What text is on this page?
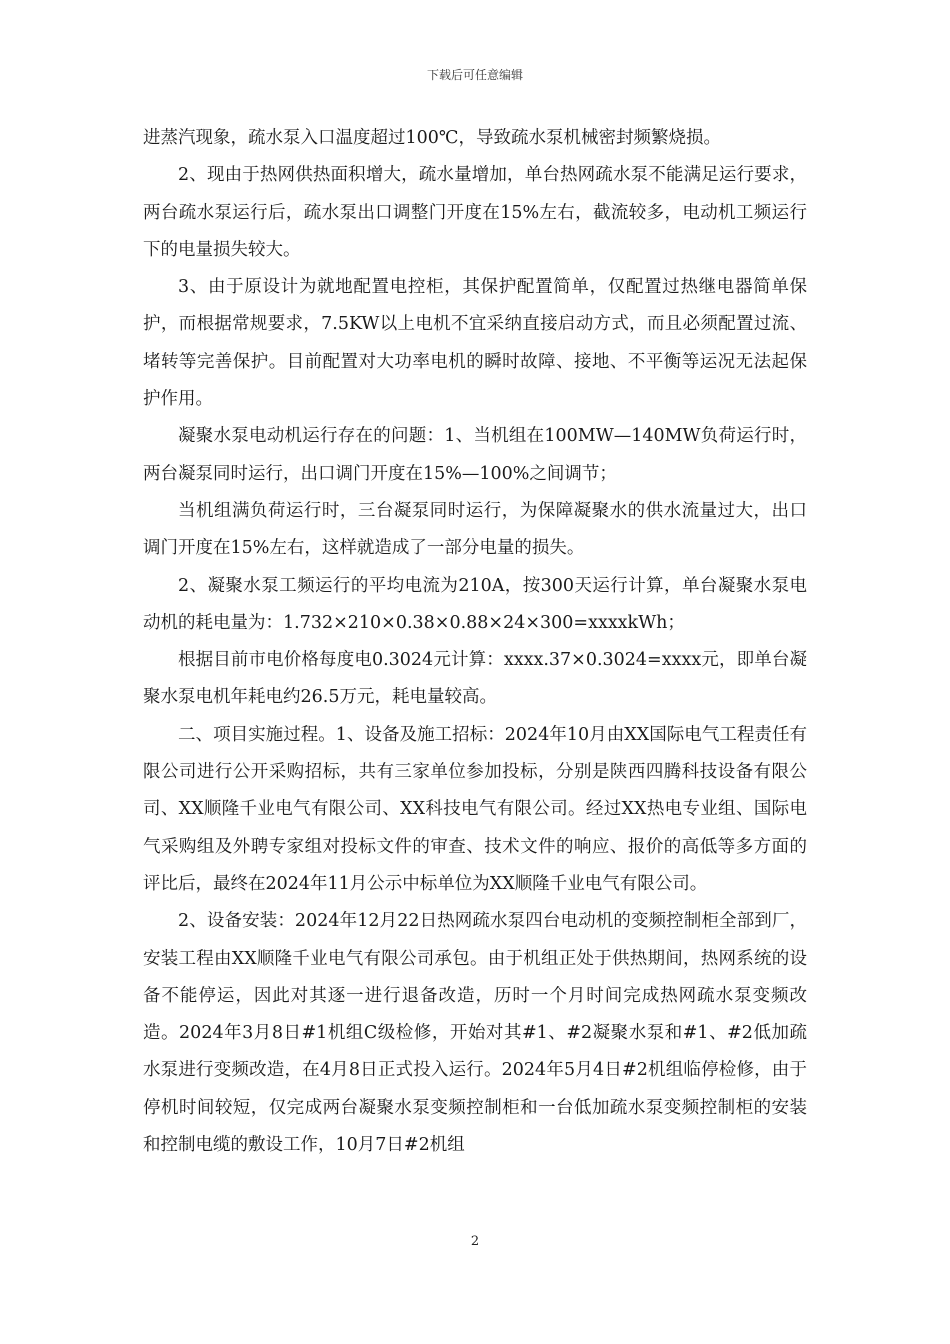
下载后可任意编辑

进蒸汽现象，疏水泵入口温度超过100℃，导致疏水泵机械密封频繁烧损。

2、现由于热网供热面积增大，疏水量增加，单台热网疏水泵不能满足运行要求，两台疏水泵运行后，疏水泵出口调整门开度在15%左右，截流较多，电动机工频运行下的电量损失较大。

3、由于原设计为就地配置电控柜，其保护配置简单，仅配置过热继电器简单保护，而根据常规要求，7.5KW以上电机不宜采纳直接启动方式，而且必须配置过流、堵转等完善保护。目前配置对大功率电机的瞬时故障、接地、不平衡等运况无法起保护作用。

凝聚水泵电动机运行存在的问题：1、当机组在100MW—140MW负荷运行时，两台凝泵同时运行，出口调门开度在15%—100%之间调节；

当机组满负荷运行时，三台凝泵同时运行，为保障凝聚水的供水流量过大，出口调门开度在15%左右，这样就造成了一部分电量的损失。

2、凝聚水泵工频运行的平均电流为210A，按300天运行计算，单台凝聚水泵电动机的耗电量为：1.732×210×0.38×0.88×24×300=xxxxkWh；

根据目前市电价格每度电0.3024元计算：xxxx.37×0.3024=xxxx元，即单台凝聚水泵电机年耗电约26.5万元，耗电量较高。

二、项目实施过程。1、设备及施工招标：2024年10月由XX国际电气工程责任有限公司进行公开采购招标，共有三家单位参加投标，分别是陕西四腾科技设备有限公司、XX顺隆千业电气有限公司、XX科技电气有限公司。经过XX热电专业组、国际电气采购组及外聘专家组对投标文件的审查、技术文件的响应、报价的高低等多方面的评比后，最终在2024年11月公示中标单位为XX顺隆千业电气有限公司。

2、设备安装：2024年12月22日热网疏水泵四台电动机的变频控制柜全部到厂，安装工程由XX顺隆千业电气有限公司承包。由于机组正处于供热期间，热网系统的设备不能停运，因此对其逐一进行退备改造，历时一个月时间完成热网疏水泵变频改造。2024年3月8日#1机组C级检修，开始对其#1、#2凝聚水泵和#1、#2低加疏水泵进行变频改造，在4月8日正式投入运行。2024年5月4日#2机组临停检修，由于停机时间较短，仅完成两台凝聚水泵变频控制柜和一台低加疏水泵变频控制柜的安装和控制电缆的敷设工作，10月7日#2机组

2
